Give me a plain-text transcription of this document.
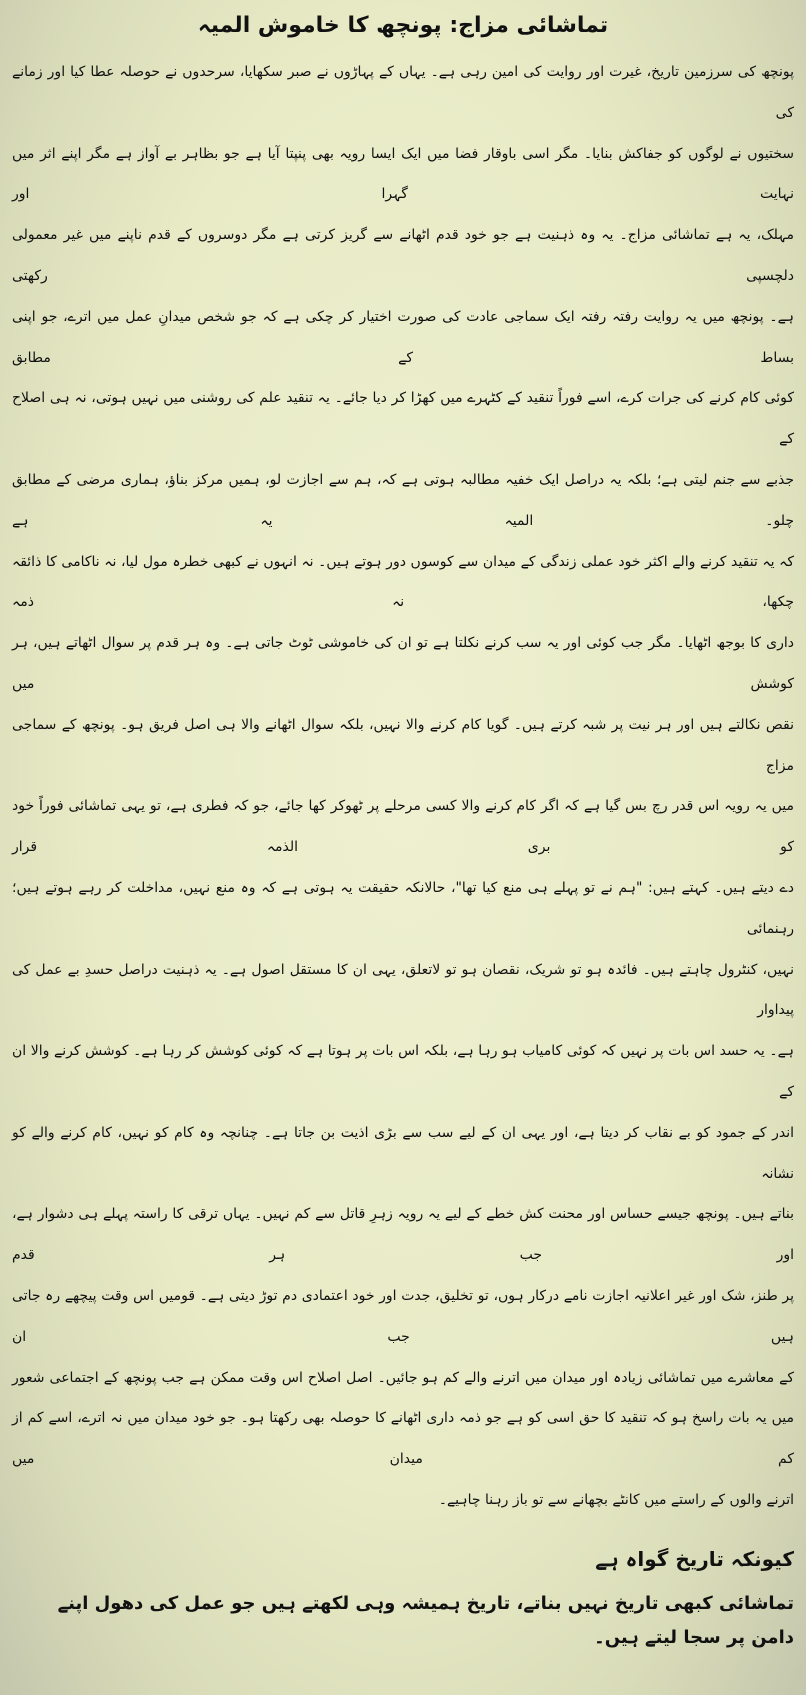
تماشائی مزاج: پونچھ کا خاموش المیہ
پونچھ کی سرزمین تاریخ، غیرت اور روایت کی امین رہی ہے۔ یہاں کے پہاڑوں نے صبر سکھایا، سرحدوں نے حوصلہ عطا کیا اور زمانے کی
سختیوں نے لوگوں کو جفاکش بنایا۔ مگر اسی باوقار فضا میں ایک ایسا رویہ بھی پنپتا آیا ہے جو بظاہر بے آواز ہے مگر اپنے اثر میں نہایت گہرا اور
مہلک، یہ ہے تماشائی مزاج۔ یہ وہ ذہنیت ہے جو خود قدم اٹھانے سے گریز کرتی ہے مگر دوسروں کے قدم ناپنے میں غیر معمولی دلچسپی رکھتی
ہے۔ پونچھ میں یہ روایت رفتہ رفتہ ایک سماجی عادت کی صورت اختیار کر چکی ہے کہ جو شخص میدانِ عمل میں اترے، جو اپنی بساط کے مطابق
کوئی کام کرنے کی جرات کرے، اسے فوراً تنقید کے کٹہرے میں کھڑا کر دیا جائے۔ یہ تنقید علم کی روشنی میں نہیں ہوتی، نہ ہی اصلاح کے
جذبے سے جنم لیتی ہے؛ بلکہ یہ دراصل ایک خفیہ مطالبہ ہوتی ہے کہ، ہم سے اجازت لو، ہمیں مرکز بناؤ، ہماری مرضی کے مطابق چلو۔ المیہ یہ ہے
کہ یہ تنقید کرنے والے اکثر خود عملی زندگی کے میدان سے کوسوں دور ہوتے ہیں۔ نہ انہوں نے کبھی خطرہ مول لیا، نہ ناکامی کا ذائقہ چکھا، نہ ذمہ
داری کا بوجھ اٹھایا۔ مگر جب کوئی اور یہ سب کرنے نکلتا ہے تو ان کی خاموشی ٹوٹ جاتی ہے۔ وہ ہر قدم پر سوال اٹھاتے ہیں، ہر کوشش میں
نقص نکالتے ہیں اور ہر نیت پر شبہ کرتے ہیں۔ گویا کام کرنے والا نہیں، بلکہ سوال اٹھانے والا ہی اصل فریق ہو۔ پونچھ کے سماجی مزاج
میں یہ رویہ اس قدر رچ بس گیا ہے کہ اگر کام کرنے والا کسی مرحلے پر ٹھوکر کھا جائے، جو کہ فطری ہے، تو یہی تماشائی فوراً خود کو بری الذمہ قرار
دے دیتے ہیں۔ کہتے ہیں: "ہم نے تو پہلے ہی منع کیا تھا"، حالانکہ حقیقت یہ ہوتی ہے کہ وہ منع نہیں، مداخلت کر رہے ہوتے ہیں؛ رہنمائی
نہیں، کنٹرول چاہتے ہیں۔ فائدہ ہو تو شریک، نقصان ہو تو لاتعلق، یہی ان کا مستقل اصول ہے۔ یہ ذہنیت دراصل حسدِ بے عمل کی پیداوار
ہے۔ یہ حسد اس بات پر نہیں کہ کوئی کامیاب ہو رہا ہے، بلکہ اس بات پر ہوتا ہے کہ کوئی کوشش کر رہا ہے۔ کوشش کرنے والا ان کے
اندر کے جمود کو بے نقاب کر دیتا ہے، اور یہی ان کے لیے سب سے بڑی اذیت بن جاتا ہے۔ چنانچہ وہ کام کو نہیں، کام کرنے والے کو نشانہ
بناتے ہیں۔ پونچھ جیسے حساس اور محنت کش خطے کے لیے یہ رویہ زہرِ قاتل سے کم نہیں۔ یہاں ترقی کا راستہ پہلے ہی دشوار ہے، اور جب ہر قدم
پر طنز، شک اور غیر اعلانیہ اجازت نامے درکار ہوں، تو تخلیق، جدت اور خود اعتمادی دم توڑ دیتی ہے۔ قومیں اس وقت پیچھے رہ جاتی ہیں جب ان
کے معاشرے میں تماشائی زیادہ اور میدان میں اترنے والے کم ہو جائیں۔ اصل اصلاح اس وقت ممکن ہے جب پونچھ کے اجتماعی شعور
میں یہ بات راسخ ہو کہ تنقید کا حق اسی کو ہے جو ذمہ داری اٹھانے کا حوصلہ بھی رکھتا ہو۔ جو خود میدان میں نہ اترے، اسے کم از کم میدان میں
اترنے والوں کے راستے میں کانٹے بچھانے سے تو باز رہنا چاہیے۔
کیونکہ تاریخ گواہ ہے
تماشائی کبھی تاریخ نہیں بناتے، تاریخ ہمیشہ وہی لکھتے ہیں جو عمل کی دھول اپنے دامن پر سجا لیتے ہیں۔
